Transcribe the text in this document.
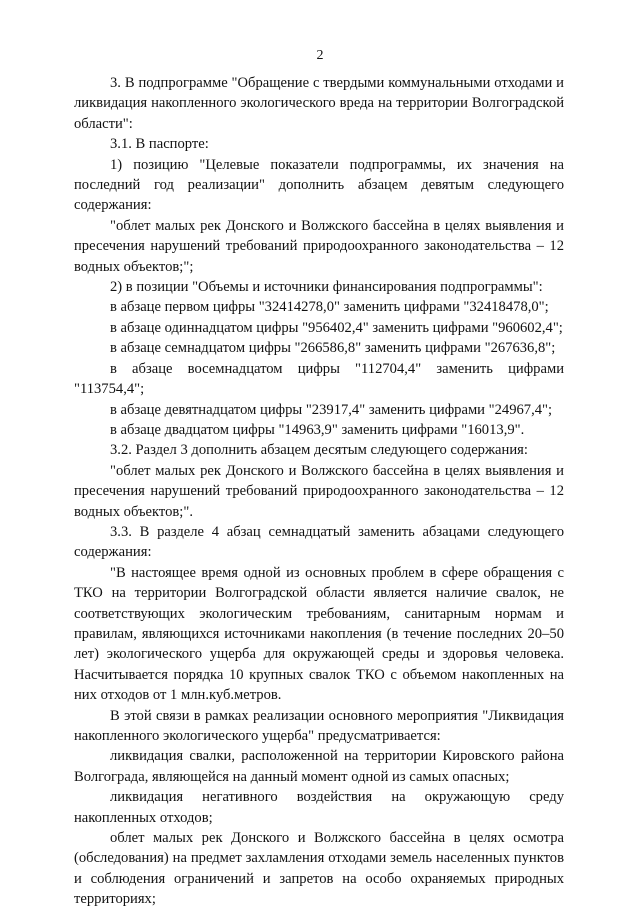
2

3. В подпрограмме "Обращение с твердыми коммунальными отходами и ликвидация накопленного экологического вреда на территории Волгоградской области":

3.1. В паспорте:

1) позицию "Целевые показатели подпрограммы, их значения на последний год реализации" дополнить абзацем девятым следующего содержания:

"облет малых рек Донского и Волжского бассейна в целях выявления и пресечения нарушений требований природоохранного законодательства – 12 водных объектов;";

2) в позиции "Объемы и источники финансирования подпрограммы":

в абзаце первом цифры "32414278,0" заменить цифрами "32418478,0";

в абзаце одиннадцатом цифры "956402,4" заменить цифрами "960602,4";

в абзаце семнадцатом цифры "266586,8" заменить цифрами "267636,8";

в абзаце восемнадцатом цифры "112704,4" заменить цифрами "113754,4";

в абзаце девятнадцатом цифры "23917,4" заменить цифрами "24967,4";

в абзаце двадцатом цифры "14963,9" заменить цифрами "16013,9".

3.2. Раздел 3 дополнить абзацем десятым следующего содержания:

"облет малых рек Донского и Волжского бассейна в целях выявления и пресечения нарушений требований природоохранного законодательства – 12 водных объектов;".

3.3. В разделе 4 абзац семнадцатый заменить абзацами следующего содержания:

"В настоящее время одной из основных проблем в сфере обращения с ТКО на территории Волгоградской области является наличие свалок, не соответствующих экологическим требованиям, санитарным нормам и правилам, являющихся источниками накопления (в течение последних 20–50 лет) экологического ущерба для окружающей среды и здоровья человека. Насчитывается порядка 10 крупных свалок ТКО с объемом накопленных на них отходов от 1 млн.куб.метров.

В этой связи в рамках реализации основного мероприятия "Ликвидация накопленного экологического ущерба" предусматривается:

ликвидация свалки, расположенной на территории Кировского района Волгограда, являющейся на данный момент одной из самых опасных;

ликвидация негативного воздействия на окружающую среду накопленных отходов;

облет малых рек Донского и Волжского бассейна в целях осмотра (обследования) на предмет захламления отходами земель населенных пунктов и соблюдения ограничений и запретов на особо охраняемых природных территориях;
